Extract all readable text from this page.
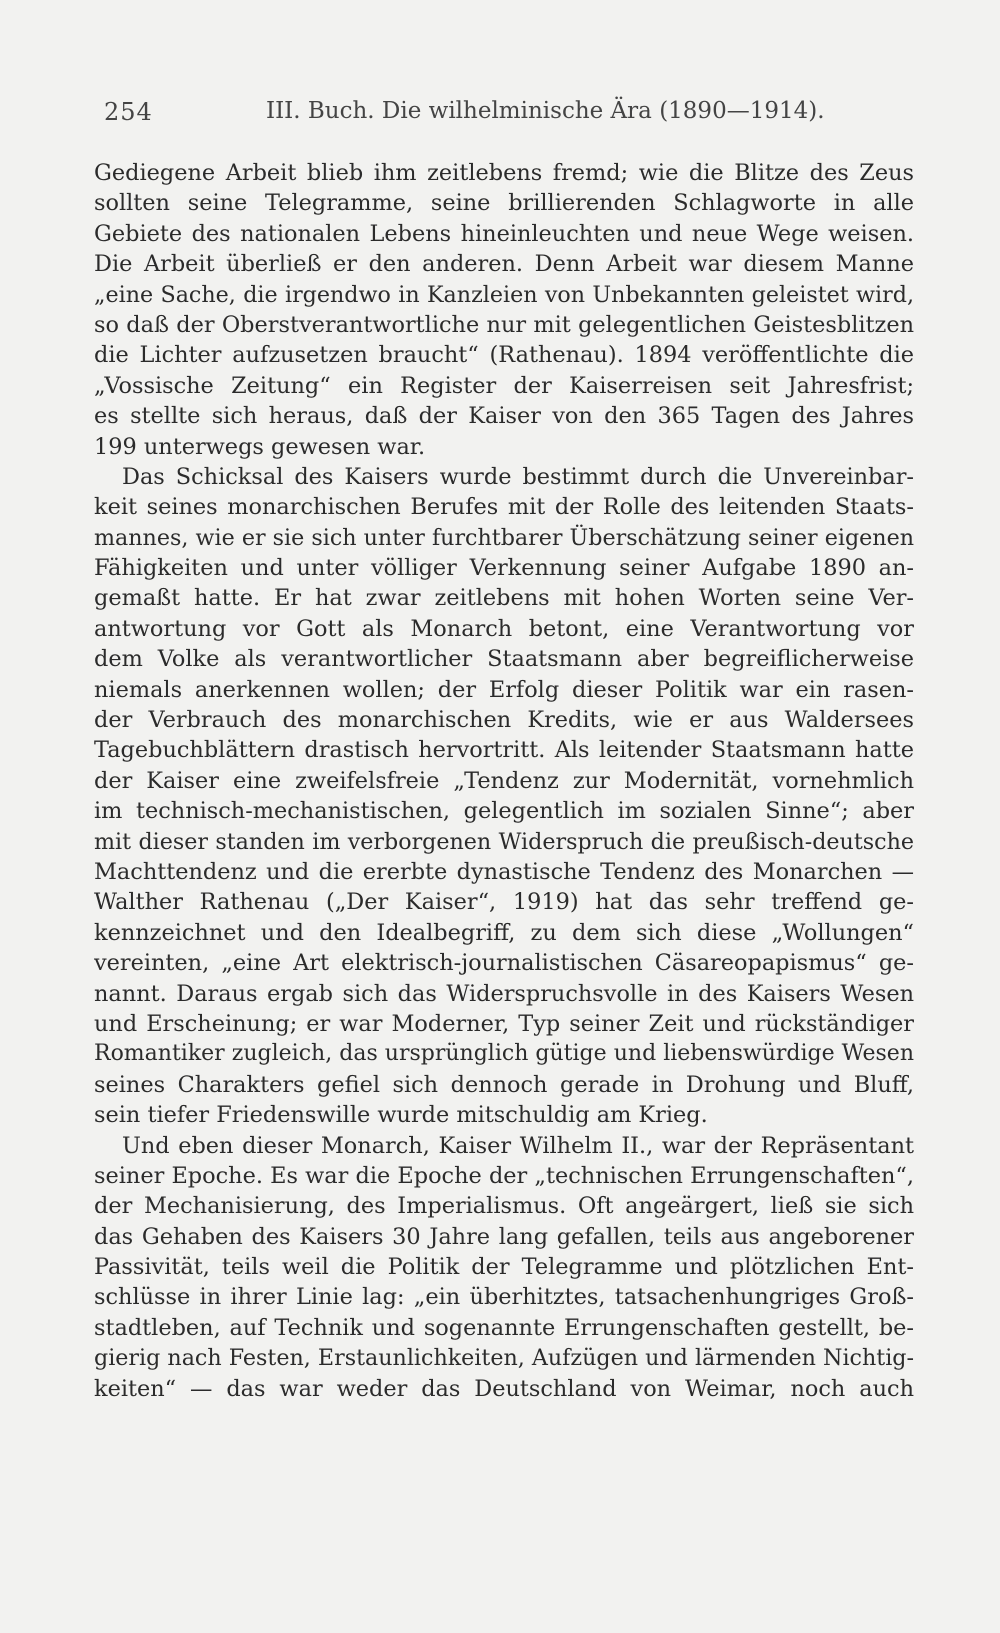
254	III. Buch. Die wilhelminische Ära (1890—1914).
Gediegene Arbeit blieb ihm zeitlebens fremd; wie die Blitze des Zeus
sollten seine Telegramme, seine brillierenden Schlagworte in alle
Gebiete des nationalen Lebens hineinleuchten und neue Wege weisen.
Die Arbeit überließ er den anderen. Denn Arbeit war diesem Manne
„eine Sache, die irgendwo in Kanzleien von Unbekannten geleistet wird,
so daß der Oberstverantwortliche nur mit gelegentlichen Geistesblitzen
die Lichter aufzusetzen braucht“ (Rathenau). 1894 veröffentlichte die
„Vossische Zeitung“ ein Register der Kaiserreisen seit Jahresfrist;
es stellte sich heraus, daß der Kaiser von den 365 Tagen des Jahres
199 unterwegs gewesen war.
Das Schicksal des Kaisers wurde bestimmt durch die Unvereinbar-
keit seines monarchischen Berufes mit der Rolle des leitenden Staats-
mannes, wie er sie sich unter furchtbarer Überschätzung seiner eigenen
Fähigkeiten und unter völliger Verkennung seiner Aufgabe 1890 an-
gemaßt hatte. Er hat zwar zeitlebens mit hohen Worten seine Ver-
antwortung vor Gott als Monarch betont, eine Verantwortung vor
dem Volke als verantwortlicher Staatsmann aber begreiflicherweise
niemals anerkennen wollen; der Erfolg dieser Politik war ein rasen-
der Verbrauch des monarchischen Kredits, wie er aus Waldersees
Tagebuchblättern drastisch hervortritt. Als leitender Staatsmann hatte
der Kaiser eine zweifelsfreie „Tendenz zur Modernität, vornehmlich
im technisch-mechanistischen, gelegentlich im sozialen Sinne“; aber
mit dieser standen im verborgenen Widerspruch die preußisch-deutsche
Machttendenz und die ererbte dynastische Tendenz des Monarchen —
Walther Rathenau („Der Kaiser“, 1919) hat das sehr treffend ge-
kennzeichnet und den Idealbegriff, zu dem sich diese „Wollungen“
vereinten, „eine Art elektrisch-journalistischen Cäsareopapismus“ ge-
nannt. Daraus ergab sich das Widerspruchsvolle in des Kaisers Wesen
und Erscheinung; er war Moderner, Typ seiner Zeit und rückständiger
Romantiker zugleich, das ursprünglich gütige und liebenswürdige Wesen
seines Charakters gefiel sich dennoch gerade in Drohung und Bluff,
sein tiefer Friedenswille wurde mitschuldig am Krieg.
Und eben dieser Monarch, Kaiser Wilhelm II., war der Repräsentant
seiner Epoche. Es war die Epoche der „technischen Errungenschaften“,
der Mechanisierung, des Imperialismus. Oft angeärgert, ließ sie sich
das Gehaben des Kaisers 30 Jahre lang gefallen, teils aus angeborener
Passivität, teils weil die Politik der Telegramme und plötzlichen Ent-
schlüsse in ihrer Linie lag: „ein überhitztes, tatsachenhungriges Groß-
stadtleben, auf Technik und sogenannte Errungenschaften gestellt, be-
gierig nach Festen, Erstaunlichkeiten, Aufzügen und lärmenden Nichtig-
keiten“ — das war weder das Deutschland von Weimar, noch auch
